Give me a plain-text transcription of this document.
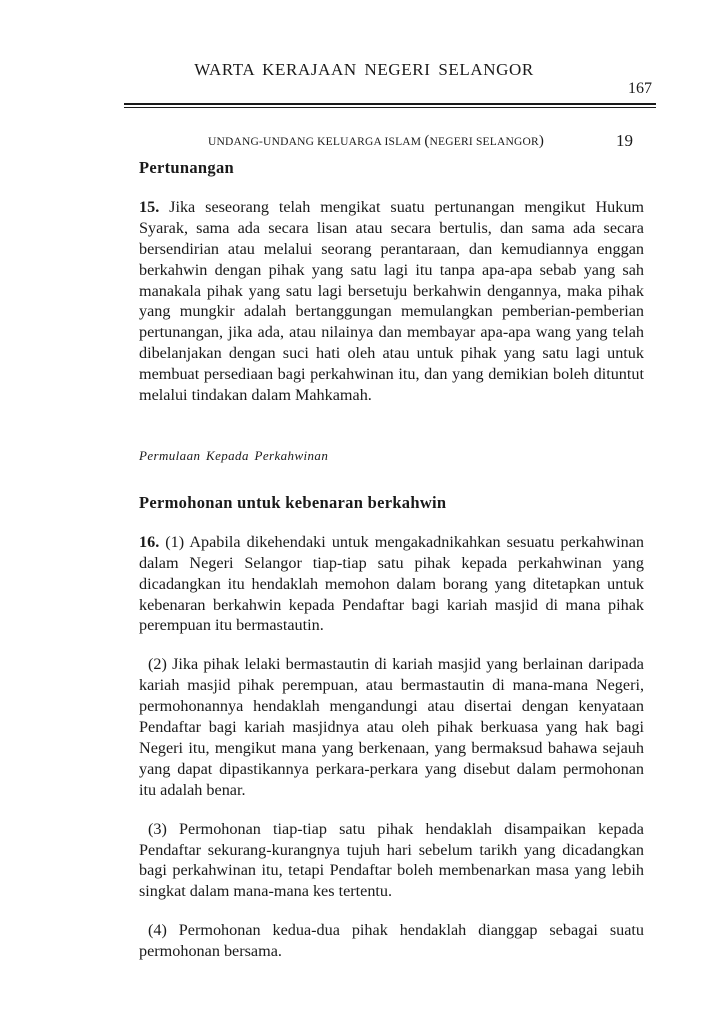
WARTA KERAJAAN NEGERI SELANGOR
167
UNDANG-UNDANG KELUARGA ISLAM (NEGERI SELANGOR)	19

Pertunangan

15. Jika seseorang telah mengikat suatu pertunangan mengikut Hukum Syarak, sama ada secara lisan atau secara bertulis, dan sama ada secara bersendirian atau melalui seorang perantaraan, dan kemudiannya enggan berkahwin dengan pihak yang satu lagi itu tanpa apa-apa sebab yang sah manakala pihak yang satu lagi bersetuju berkahwin dengannya, maka pihak yang mungkir adalah bertanggungan memulangkan pemberian-pemberian pertunangan, jika ada, atau nilainya dan membayar apa-apa wang yang telah dibelanjakan dengan suci hati oleh atau untuk pihak yang satu lagi untuk membuat persediaan bagi perkahwinan itu, dan yang demikian boleh dituntut melalui tindakan dalam Mahkamah.

Permulaan Kepada Perkahwinan

Permohonan untuk kebenaran berkahwin

16. (1) Apabila dikehendaki untuk mengakadnikahkan sesuatu perkahwinan dalam Negeri Selangor tiap-tiap satu pihak kepada perkahwinan yang dicadangkan itu hendaklah memohon dalam borang yang ditetapkan untuk kebenaran berkahwin kepada Pendaftar bagi kariah masjid di mana pihak perempuan itu bermastautin.

(2) Jika pihak lelaki bermastautin di kariah masjid yang berlainan daripada kariah masjid pihak perempuan, atau bermastautin di mana-mana Negeri, permohonannya hendaklah mengandungi atau disertai dengan kenyataan Pendaftar bagi kariah masjidnya atau oleh pihak berkuasa yang hak bagi Negeri itu, mengikut mana yang berkenaan, yang bermaksud bahawa sejauh yang dapat dipastikannya perkara-perkara yang disebut dalam permohonan itu adalah benar.

(3) Permohonan tiap-tiap satu pihak hendaklah disampaikan kepada Pendaftar sekurang-kurangnya tujuh hari sebelum tarikh yang dicadangkan bagi perkahwinan itu, tetapi Pendaftar boleh membenarkan masa yang lebih singkat dalam mana-mana kes tertentu.

(4) Permohonan kedua-dua pihak hendaklah dianggap sebagai suatu permohonan bersama.
